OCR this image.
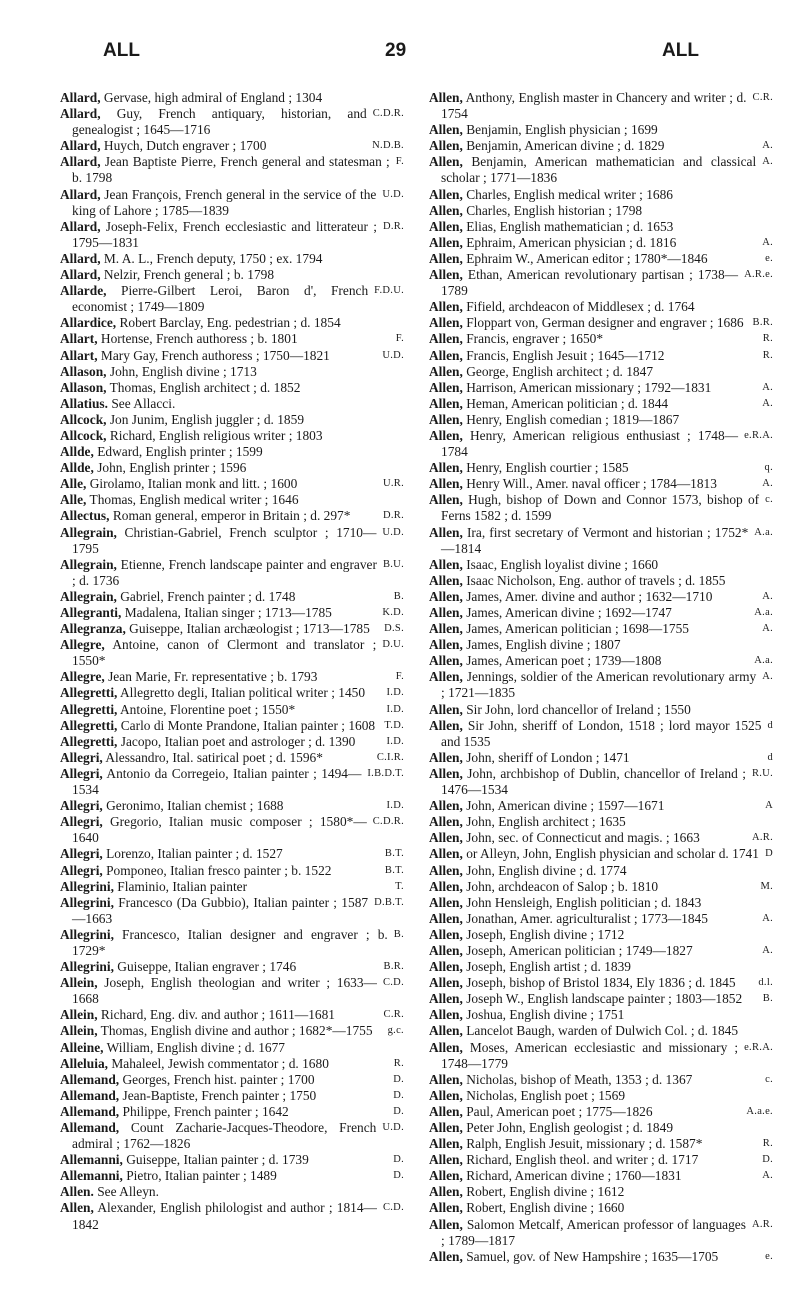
ALL	29	ALL

Allard, Gervase, high admiral of England ; 1304

C.D.R.
Allard, Guy, French antiquary, historian, and genealogist ; 1645—1716

N.D.B.
Allard, Huych, Dutch engraver ; 1700

F.
Allard, Jean Baptiste Pierre, French general and statesman ; b. 1798

U.D.
Allard, Jean François, French general in the service of the king of Lahore ; 1785—1839

D.R.
Allard, Joseph-Felix, French ecclesiastic and litterateur ; 1795—1831

Allard, M. A. L., French deputy, 1750 ; ex. 1794

Allard, Nelzir, French general ; b. 1798

F.D.U.
Allarde, Pierre-Gilbert Leroi, Baron d', French economist ; 1749—1809

Allardice, Robert Barclay, Eng. pedestrian ; d. 1854

F.
Allart, Hortense, French authoress ; b. 1801

U.D.
Allart, Mary Gay, French authoress ; 1750—1821

Allason, John, English divine ; 1713

Allason, Thomas, English architect ; d. 1852

Allatius. See Allacci.

Allcock, Jon Junim, English juggler ; d. 1859

Allcock, Richard, English religious writer ; 1803

Allde, Edward, English printer ; 1599

Allde, John, English printer ; 1596

U.R.
Alle, Girolamo, Italian monk and litt. ; 1600

Alle, Thomas, English medical writer ; 1646

D.R.
Allectus, Roman general, emperor in Britain ; d. 297*

U.D.
Allegrain, Christian-Gabriel, French sculptor ; 1710—1795

B.U.
Allegrain, Etienne, French landscape painter and engraver ; d. 1736

B.
Allegrain, Gabriel, French painter ; d. 1748

K.D.
Allegranti, Madalena, Italian singer ; 1713—1785

D.S.
Allegranza, Guiseppe, Italian archæologist ; 1713—1785

D.U.
Allegre, Antoine, canon of Clermont and translator ; 1550*

F.
Allegre, Jean Marie, Fr. representative ; b. 1793

I.D.
Allegretti, Allegretto degli, Italian political writer ; 1450

I.D.
Allegretti, Antoine, Florentine poet ; 1550*

T.D.
Allegretti, Carlo di Monte Prandone, Italian painter ; 1608

I.D.
Allegretti, Jacopo, Italian poet and astrologer ; d. 1390

C.I.R.
Allegri, Alessandro, Ital. satirical poet ; d. 1596*

I.B.D.T.
Allegri, Antonio da Corregeio, Italian painter ; 1494—1534

I.D.
Allegri, Geronimo, Italian chemist ; 1688

C.D.R.
Allegri, Gregorio, Italian music composer ; 1580*—1640

B.T.
Allegri, Lorenzo, Italian painter ; d. 1527

B.T.
Allegri, Pomponeo, Italian fresco painter ; b. 1522

T.
Allegrini, Flaminio, Italian painter

D.B.T.
Allegrini, Francesco (Da Gubbio), Italian painter ; 1587—1663

B.
Allegrini, Francesco, Italian designer and engraver ; b. 1729*

B.R.
Allegrini, Guiseppe, Italian engraver ; 1746

C.D.
Allein, Joseph, English theologian and writer ; 1633—1668

C.R.
Allein, Richard, Eng. div. and author ; 1611—1681

g.c.
Allein, Thomas, English divine and author ; 1682*—1755

Alleine, William, English divine ; d. 1677

R.
Alleluia, Mahaleel, Jewish commentator ; d. 1680

D.
Allemand, Georges, French hist. painter ; 1700

D.
Allemand, Jean-Baptiste, French painter ; 1750

D.
Allemand, Philippe, French painter ; 1642

U.D.
Allemand, Count Zacharie-Jacques-Theodore, French admiral ; 1762—1826

D.
Allemanni, Guiseppe, Italian painter ; d. 1739

D.
Allemanni, Pietro, Italian painter ; 1489

Allen. See Alleyn.

C.D.
Allen, Alexander, English philologist and author ; 1814—1842

C.R.
Allen, Anthony, English master in Chancery and writer ; d. 1754

Allen, Benjamin, English physician ; 1699

A.
Allen, Benjamin, American divine ; d. 1829

A.
Allen, Benjamin, American mathematician and classical scholar ; 1771—1836

Allen, Charles, English medical writer ; 1686

Allen, Charles, English historian ; 1798

Allen, Elias, English mathematician ; d. 1653

A.
Allen, Ephraim, American physician ; d. 1816

e.
Allen, Ephraim W., American editor ; 1780*—1846

A.R.e.
Allen, Ethan, American revolutionary partisan ; 1738—1789

Allen, Fifield, archdeacon of Middlesex ; d. 1764

B.R.
Allen, Floppart von, German designer and engraver ; 1686

R.
Allen, Francis, engraver ; 1650*

R.
Allen, Francis, English Jesuit ; 1645—1712

Allen, George, English architect ; d. 1847

A.
Allen, Harrison, American missionary ; 1792—1831

A.
Allen, Heman, American politician ; d. 1844

Allen, Henry, English comedian ; 1819—1867

e.R.A.
Allen, Henry, American religious enthusiast ; 1748—1784

q.
Allen, Henry, English courtier ; 1585

A.
Allen, Henry Will., Amer. naval officer ; 1784—1813

c.
Allen, Hugh, bishop of Down and Connor 1573, bishop of Ferns 1582 ; d. 1599

A.a.
Allen, Ira, first secretary of Vermont and historian ; 1752*—1814

Allen, Isaac, English loyalist divine ; 1660

Allen, Isaac Nicholson, Eng. author of travels ; d. 1855

A.
Allen, James, Amer. divine and author ; 1632—1710

A.a.
Allen, James, American divine ; 1692—1747

A.
Allen, James, American politician ; 1698—1755

Allen, James, English divine ; 1807

A.a.
Allen, James, American poet ; 1739—1808

A.
Allen, Jennings, soldier of the American revolutionary army ; 1721—1835

Allen, Sir John, lord chancellor of Ireland ; 1550

d
Allen, Sir John, sheriff of London, 1518 ; lord mayor 1525 and 1535

d
Allen, John, sheriff of London ; 1471

R.U.
Allen, John, archbishop of Dublin, chancellor of Ireland ; 1476—1534

A
Allen, John, American divine ; 1597—1671

Allen, John, English architect ; 1635

A.R.
Allen, John, sec. of Connecticut and magis. ; 1663

D
Allen, or Alleyn, John, English physician and scholar d. 1741

Allen, John, English divine ; d. 1774

M.
Allen, John, archdeacon of Salop ; b. 1810

Allen, John Hensleigh, English politician ; d. 1843

A.
Allen, Jonathan, Amer. agriculturalist ; 1773—1845

Allen, Joseph, English divine ; 1712

A.
Allen, Joseph, American politician ; 1749—1827

Allen, Joseph, English artist ; d. 1839

d.l.
Allen, Joseph, bishop of Bristol 1834, Ely 1836 ; d. 1845

B.
Allen, Joseph W., English landscape painter ; 1803—1852

Allen, Joshua, English divine ; 1751

Allen, Lancelot Baugh, warden of Dulwich Col. ; d. 1845

e.R.A.
Allen, Moses, American ecclesiastic and missionary ; 1748—1779

c.
Allen, Nicholas, bishop of Meath, 1353 ; d. 1367

Allen, Nicholas, English poet ; 1569

A.a.e.
Allen, Paul, American poet ; 1775—1826

Allen, Peter John, English geologist ; d. 1849

R.
Allen, Ralph, English Jesuit, missionary ; d. 1587*

D.
Allen, Richard, English theol. and writer ; d. 1717

A.
Allen, Richard, American divine ; 1760—1831

Allen, Robert, English divine ; 1612

Allen, Robert, English divine ; 1660

A.R.
Allen, Salomon Metcalf, American professor of languages ; 1789—1817

e.
Allen, Samuel, gov. of New Hampshire ; 1635—1705
